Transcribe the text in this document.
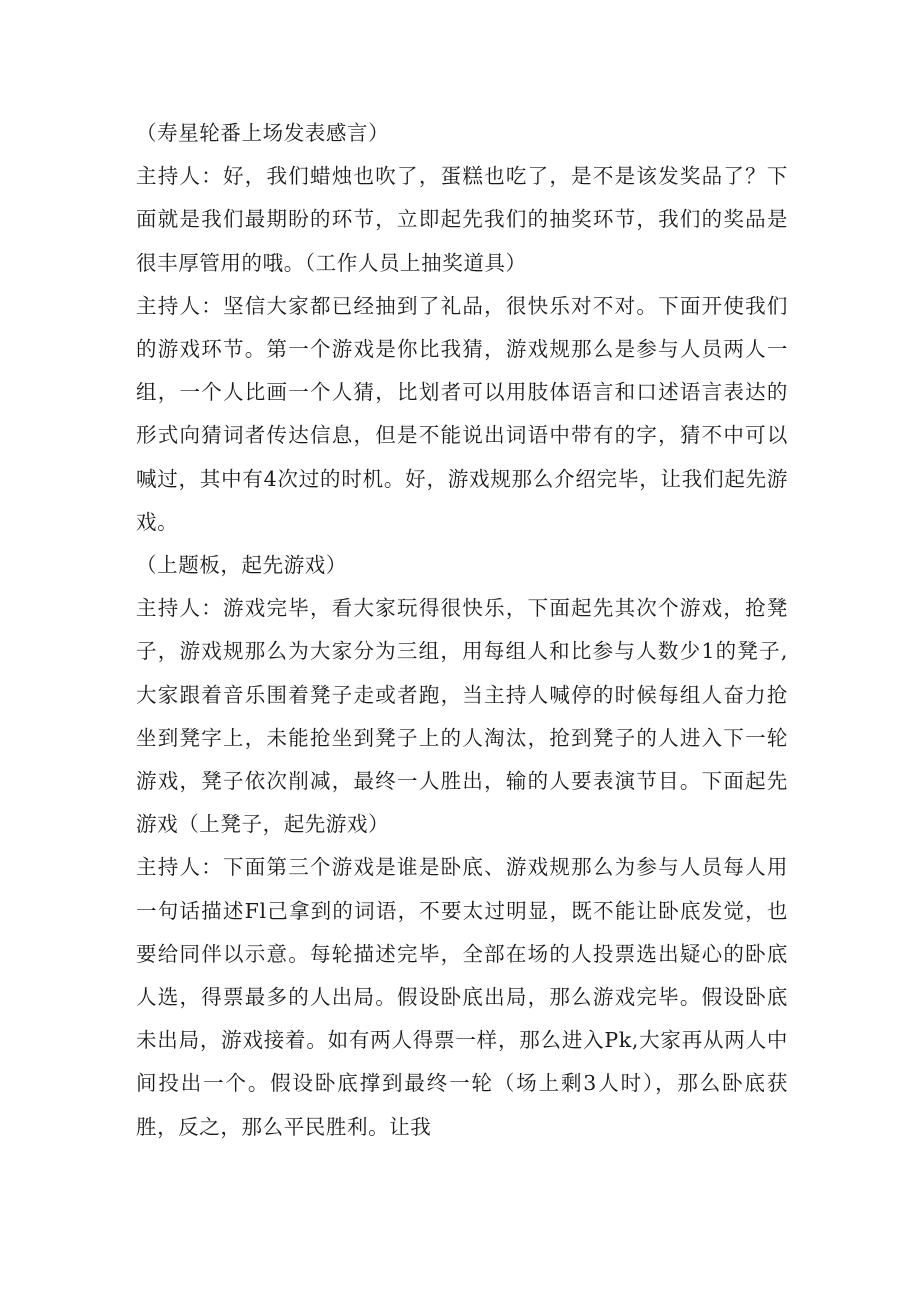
（寿星轮番上场发表感言）

主持人：好，我们蜡烛也吹了，蛋糕也吃了，是不是该发奖品了？下面就是我们最期盼的环节，立即起先我们的抽奖环节，我们的奖品是很丰厚管用的哦。（工作人员上抽奖道具）

主持人：坚信大家都已经抽到了礼品，很快乐对不对。下面开使我们的游戏环节。第一个游戏是你比我猜，游戏规那么是参与人员两人一组，一个人比画一个人猜，比划者可以用肢体语言和口述语言表达的形式向猜词者传达信息，但是不能说出词语中带有的字，猜不中可以喊过，其中有4次过的时机。好，游戏规那么介绍完毕，让我们起先游戏。

（上题板，起先游戏）

主持人：游戏完毕，看大家玩得很快乐，下面起先其次个游戏，抢凳子，游戏规那么为大家分为三组，用每组人和比参与人数少1的凳子,大家跟着音乐围着凳子走或者跑，当主持人喊停的时候每组人奋力抢坐到凳字上，未能抢坐到凳子上的人淘汰，抢到凳子的人进入下一轮游戏，凳子依次削减，最终一人胜出，输的人要表演节目。下面起先游戏（上凳子，起先游戏）

主持人：下面第三个游戏是谁是卧底、游戏规那么为参与人员每人用一句话描述Fl己拿到的词语，不要太过明显，既不能让卧底发觉，也要给同伴以示意。每轮描述完毕，全部在场的人投票选出疑心的卧底人选，得票最多的人出局。假设卧底出局，那么游戏完毕。假设卧底未出局，游戏接着。如有两人得票一样，那么进入Pk,大家再从两人中间投出一个。假设卧底撑到最终一轮（场上剩3人时），那么卧底获胜，反之，那么平民胜利。让我
